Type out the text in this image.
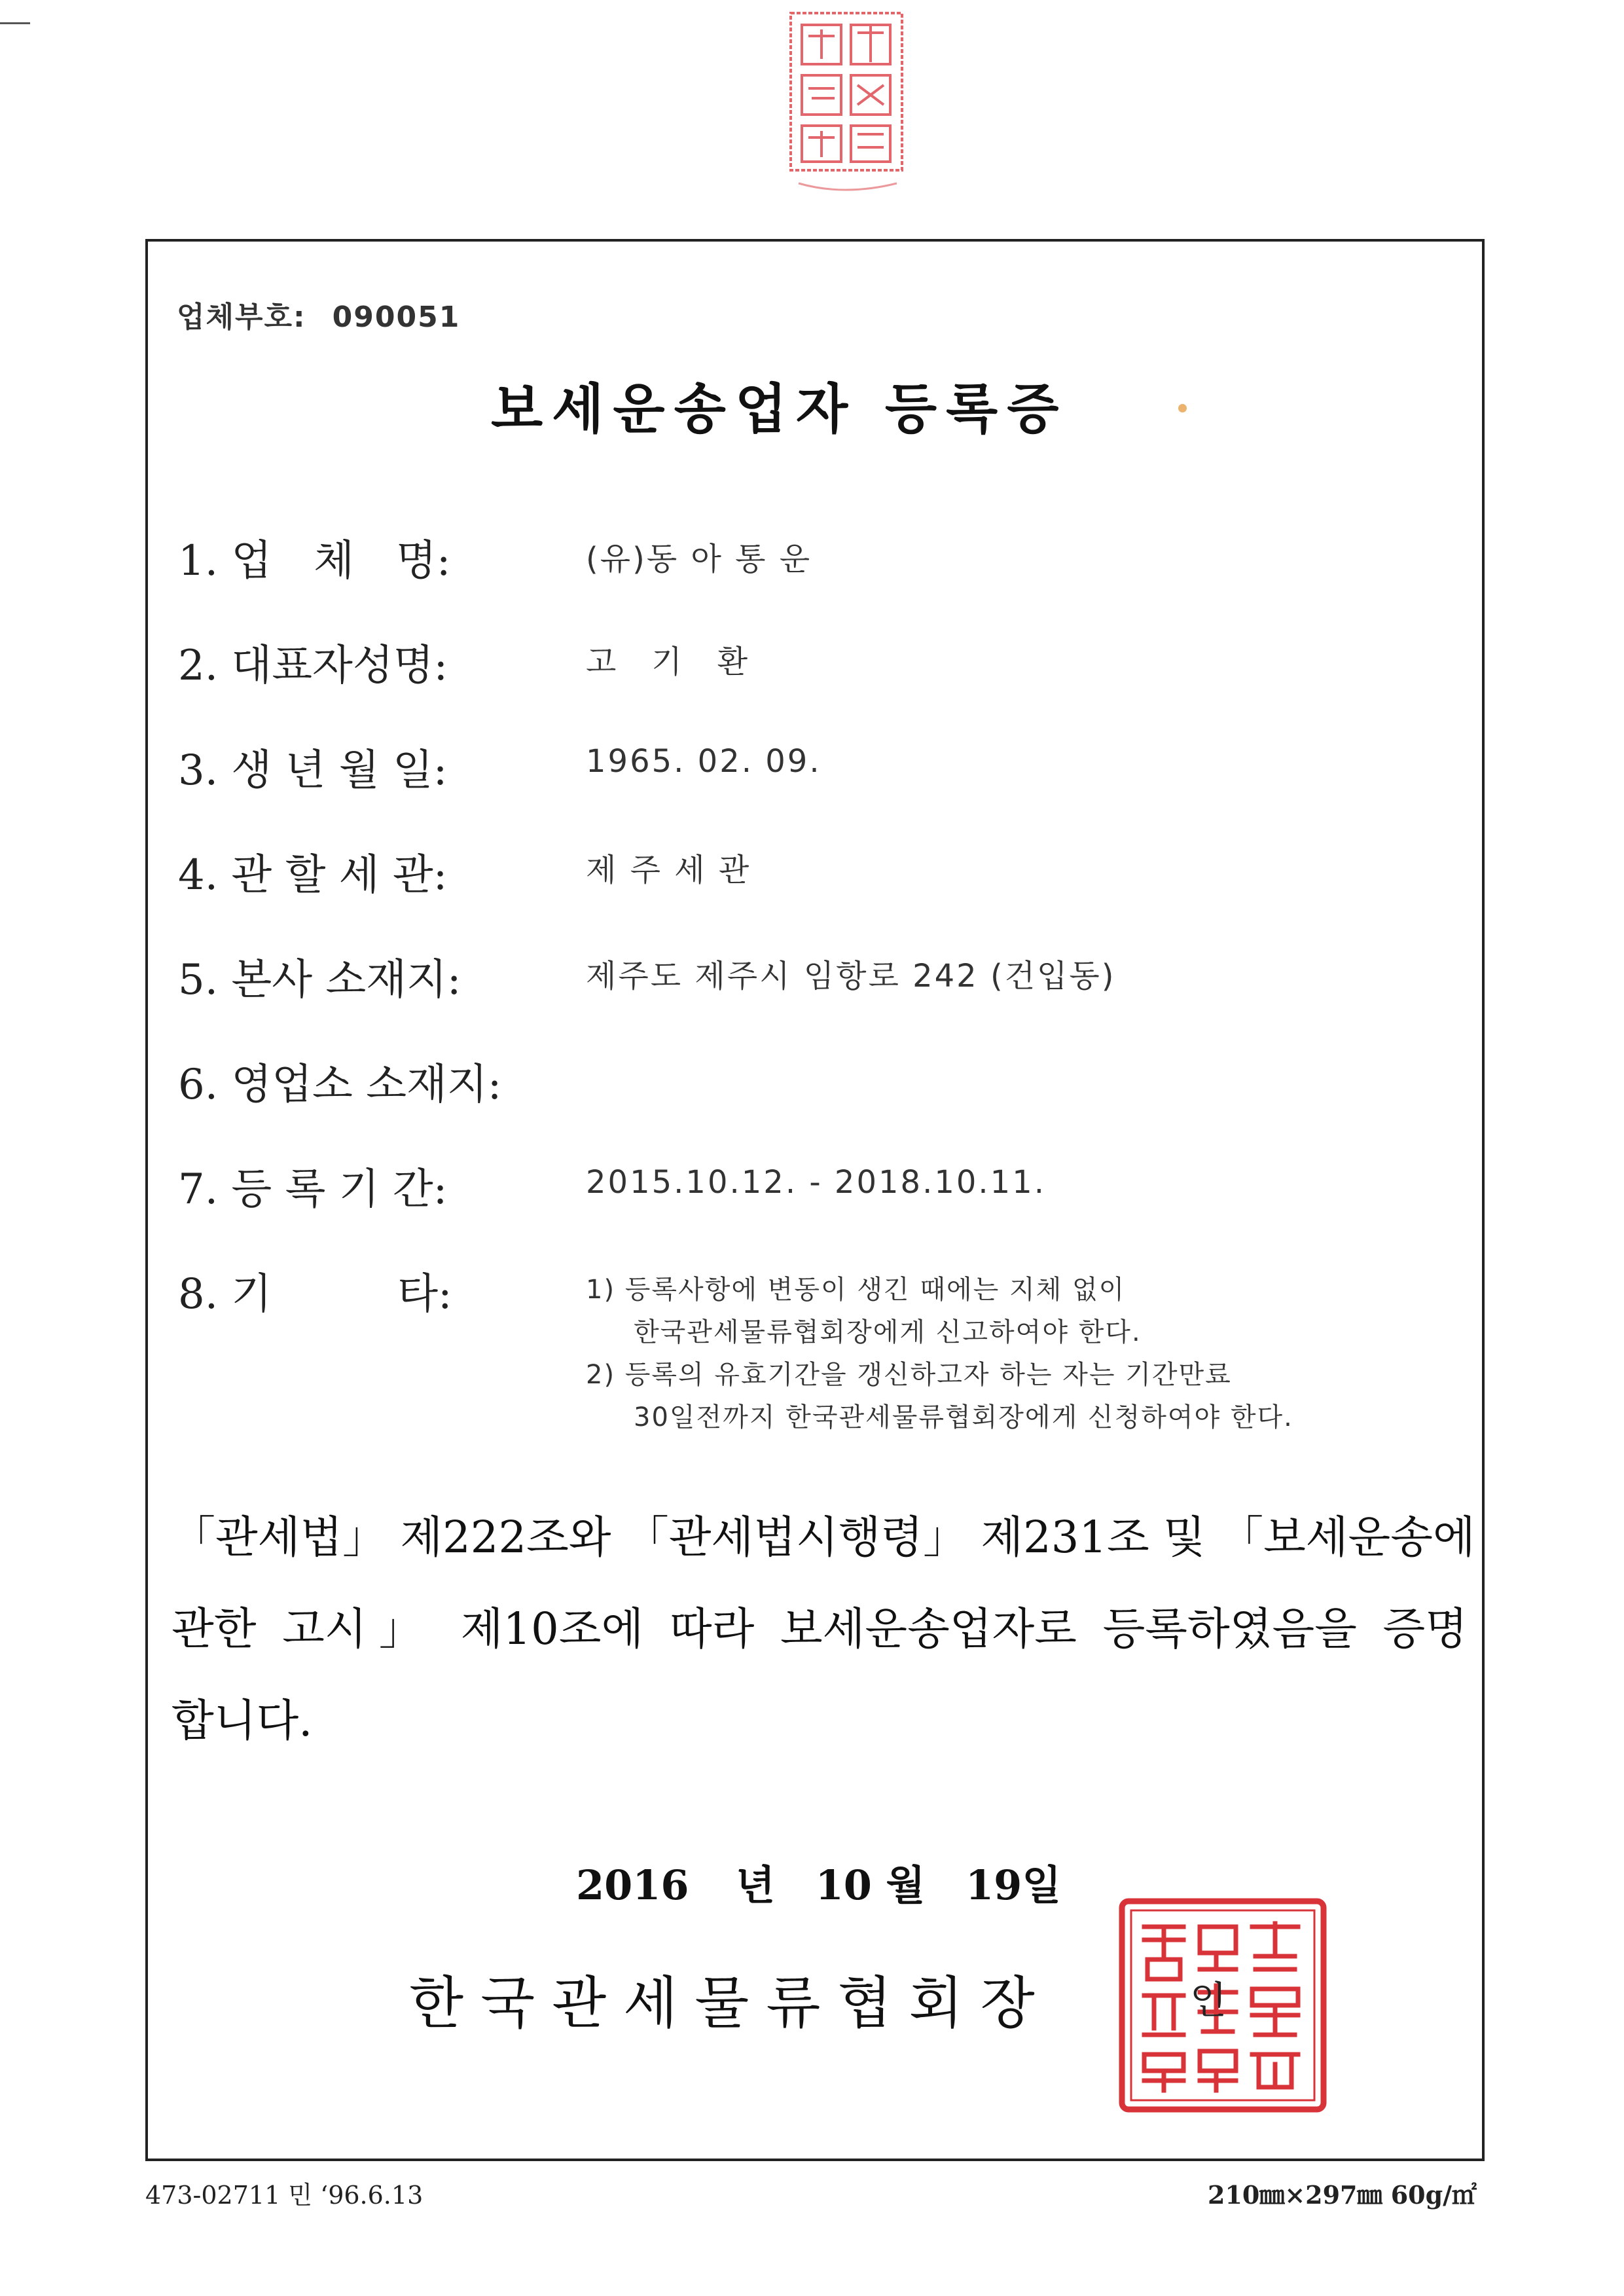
업체부호: 090051
보세운송업자 등록증
1. 업　체　명:	(유)동 아 통 운
2. 대표자성명:	고　기　환
3. 생 년 월 일:	1965. 02. 09.
4. 관 할 세 관:	제 주 세 관
5. 본사 소재지:	제주도 제주시 임항로 242 (건입동)
6. 영업소 소재지:
7. 등 록 기 간:	2015.10.12. - 2018.10.11.
8. 기　　　타:	1) 등록사항에 변동이 생긴 때에는 지체 없이
한국관세물류협회장에게 신고하여야 한다.
2) 등록의 유효기간을 갱신하고자 하는 자는 기간만료
30일전까지 한국관세물류협회장에게 신청하여야 한다.
「관세법」 제222조와 「관세법시행령」 제231조 및 「보세운송에
관한 고시」 제10조에 따라 보세운송업자로 등록하였음을 증명
합니다.
2016 년 10 월 19일
한국관세물류협회장	인
473-02711 민 ‘96.6.13	210㎜×297㎜ 60g/㎡
